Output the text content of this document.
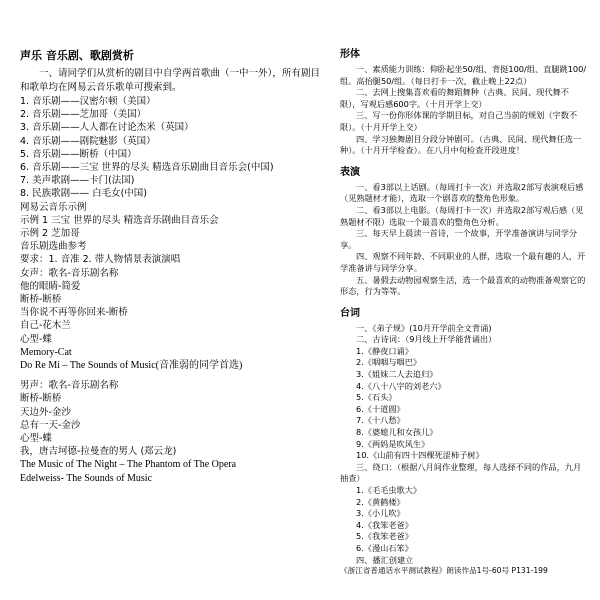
声乐 音乐剧、歌剧赏析

一、请同学们从赏析的剧目中自学两首歌曲（一中一外），所有剧目和歌单均在网易云音乐歌单可搜索到。

1. 音乐剧——汉密尔顿（美国）

2. 音乐剧——芝加哥（美国）

3. 音乐剧——人人都在讨论杰米（英国）

4. 音乐剧——剧院魅影（英国）

5. 音乐剧——断桥（中国）

6. 音乐剧——三宝 世界的尽头 精选音乐剧曲目音乐会(中国)

7. 美声歌剧——卡门(法国)

8. 民族歌剧—— 白毛女(中国)

网易云音乐示例

示例 1 三宝 世界的尽头 精选音乐剧曲目音乐会

示例 2 芝加哥

音乐剧选曲参考

要求：1. 音准 2. 带人物情景表演演唱

女声：歌名-音乐剧名称

他的眼睛-简爱

断桥-断桥

当你说不再等你回来-断桥

自己-花木兰

心型-蝶

Memory-Cat

Do Re Mi – The Sounds of Music(音准弱的同学首选)

男声：歌名-音乐剧名称

断桥-断桥

天边外-金沙

总有一天-金沙

心型-蝶

我，唐吉坷德-拉曼查的男人 (郑云龙)

The Music of The Night – The Phantom of The Opera

Edelweiss- The Sounds of Music

形体

一、素质能力训练：仰卧起坐50/组、背挺100/组、直腿跳100/组。高抬腿50/组。（每日打卡一次，截止晚上22点）

二、去网上搜集喜欢看的舞蹈舞种（古典、民间、现代舞不限），写观后感600字。（十月开学上交）

三、写一份你形体课的学期目标，对自己当前的规划（字数不限）。（十月开学上交）

四、学习独舞剧目分段分钟剧可。（古典、民间、现代舞任选一种）。（十月开学检查）。在八月中旬检查开段进度！

表演

一、看3部以上话剧。（每周打卡一次）并选取2部写表演观后感（见熟题材才能），选取一个剧喜欢的整角色形象。

二、看3部以上电影。（每周打卡一次）并选取2部写观后感（见熟题材不限）选取一个最喜欢的整角色分析。

三、每天早上晨读一首诗，一个故事，开学准备演讲与同学分享。

四、观察不同年龄、不同职业的人群，选取一个最有趣的人，开学准备讲与同学分享。

五、暑假去动物园观察生活，选一个最喜欢的动物准备观察它的形态，行为等等。

台词

一、《弟子规》(10月开学前全文背诵)

二、古诗词：（9月线上开学能背诵出）

1.《静夜口诵》

2.《咽咽与咽巴》

3.《姐妹二人去追归》

4.《八十八字的刘老六》

5.《石头》

6.《十道圆》

7.《十八愁》

8.《婆媳儿和女孩儿》

9.《两妈是吹风生》

10.《山前有四十四棵死涩柿子树》

三、绕口：（根据八月间作业整理，每人选择不同的作品，九月抽查）

1.《毛毛虫歌大》

2.《黄鹤楼》

3.《小儿吹》

4.《我笨老爸》

5.《我笨老爸》

6.《漫山石笨》

四、播汇创建立

《浙江省普通话水平测试教程》朗读作品1号-60号 P131-199
